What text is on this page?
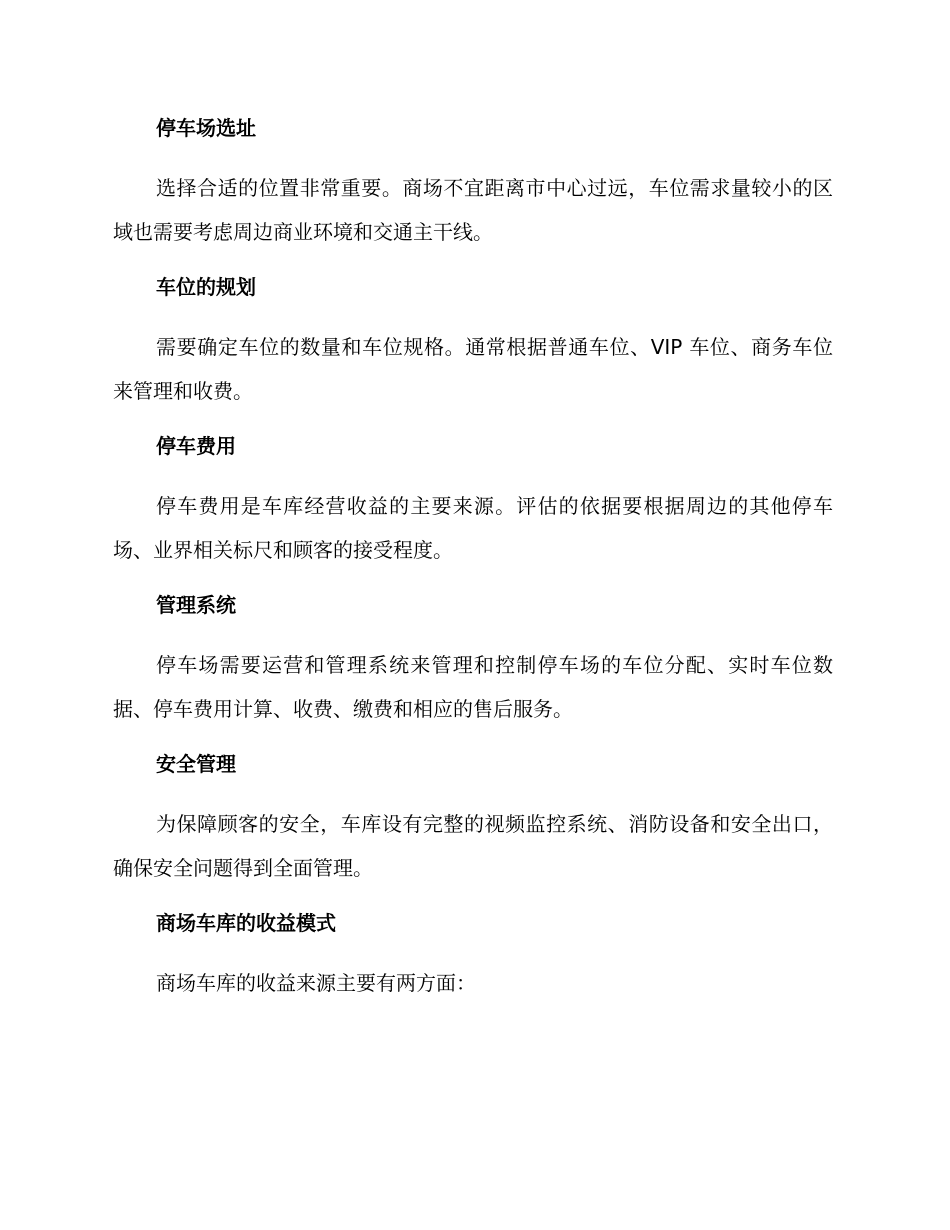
停车场选址

选择合适的位置非常重要。商场不宜距离市中心过远，车位需求量较小的区域也需要考虑周边商业环境和交通主干线。

车位的规划

需要确定车位的数量和车位规格。通常根据普通车位、VIP 车位、商务车位来管理和收费。

停车费用

停车费用是车库经营收益的主要来源。评估的依据要根据周边的其他停车场、业界相关标尺和顾客的接受程度。

管理系统

停车场需要运营和管理系统来管理和控制停车场的车位分配、实时车位数据、停车费用计算、收费、缴费和相应的售后服务。

安全管理

为保障顾客的安全，车库设有完整的视频监控系统、消防设备和安全出口，确保安全问题得到全面管理。

商场车库的收益模式

商场车库的收益来源主要有两方面：
